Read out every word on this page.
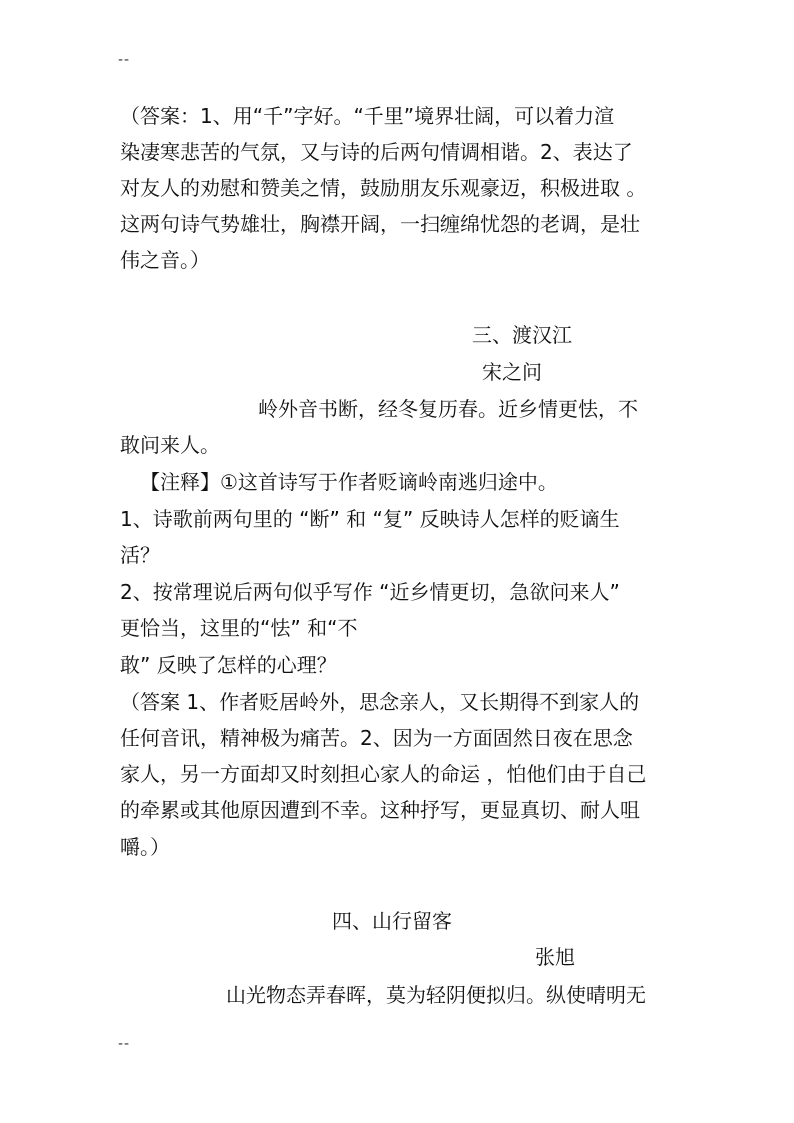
--
（答案：1、用“千”字好。“千里”境界壮阔，可以着力渲
染凄寒悲苦的气氛，又与诗的后两句情调相谐。2、表达了
对友人的劝慰和赞美之情，鼓励朋友乐观豪迈，积极进取 。
这两句诗气势雄壮，胸襟开阔，一扫缠绵忧怨的老调，是壮
伟之音。）
三、渡汉江
宋之问
岭外音书断，经冬复历春。近乡情更怯，不
敢问来人。
【注释】①这首诗写于作者贬谪岭南逃归途中。
1、诗歌前两句里的 “断” 和 “复” 反映诗人怎样的贬谪生
活？
2、按常理说后两句似乎写作 “近乡情更切，急欲问来人”
更恰当，这里的“怯” 和“不
敢” 反映了怎样的心理？
（答案 1、作者贬居岭外，思念亲人，又长期得不到家人的
任何音讯，精神极为痛苦。2、因为一方面固然日夜在思念
家人，另一方面却又时刻担心家人的命运 ，怕他们由于自己
的牵累或其他原因遭到不幸。这种抒写，更显真切、耐人咀
嚼。）
四、山行留客
张旭
山光物态弄春晖，莫为轻阴便拟归。纵使晴明无
--
